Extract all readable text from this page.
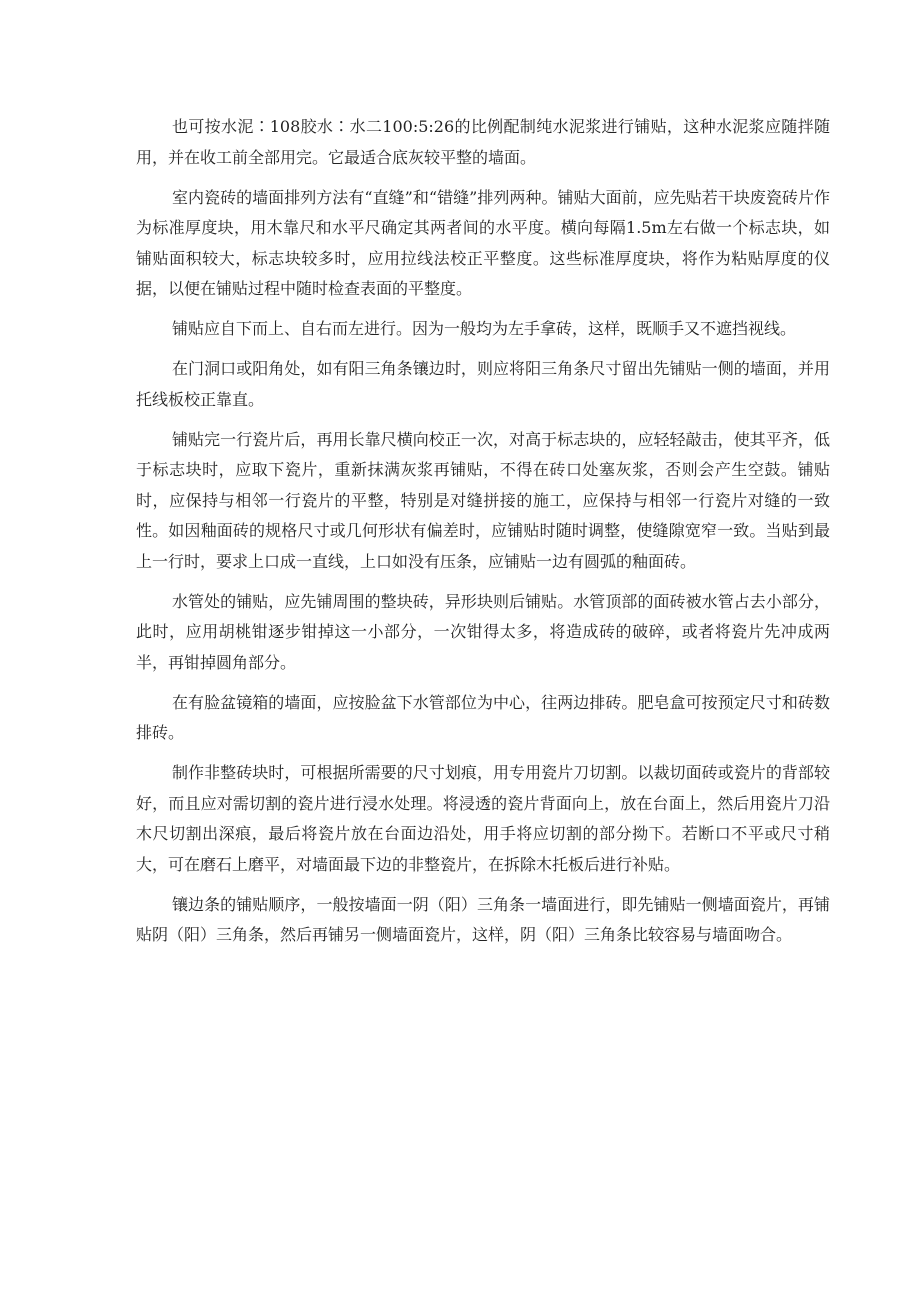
也可按水泥∶108胶水∶水二100:5:26的比例配制纯水泥浆进行铺贴，这种水泥浆应随拌随用，并在收工前全部用完。它最适合底灰较平整的墙面。

室内瓷砖的墙面排列方法有“直缝”和“错缝”排列两种。铺贴大面前，应先贴若干块废瓷砖片作为标准厚度块，用木靠尺和水平尺确定其两者间的水平度。横向每隔1.5m左右做一个标志块，如铺贴面积较大，标志块较多时，应用拉线法校正平整度。这些标准厚度块，将作为粘贴厚度的仪据，以便在铺贴过程中随时检查表面的平整度。

铺贴应自下而上、自右而左进行。因为一般均为左手拿砖，这样，既顺手又不遮挡视线。

在门洞口或阳角处，如有阳三角条镶边时，则应将阳三角条尺寸留出先铺贴一侧的墙面，并用托线板校正靠直。

铺贴完一行瓷片后，再用长靠尺横向校正一次，对高于标志块的，应轻轻敲击，使其平齐，低于标志块时，应取下瓷片，重新抹满灰浆再铺贴，不得在砖口处塞灰浆，否则会产生空鼓。铺贴时，应保持与相邻一行瓷片的平整，特别是对缝拼接的施工，应保持与相邻一行瓷片对缝的一致性。如因釉面砖的规格尺寸或几何形状有偏差时，应铺贴时随时调整，使缝隙宽窄一致。当贴到最上一行时，要求上口成一直线，上口如没有压条，应铺贴一边有圆弧的釉面砖。

水管处的铺贴，应先铺周围的整块砖，异形块则后铺贴。水管顶部的面砖被水管占去小部分，此时，应用胡桃钳逐步钳掉这一小部分，一次钳得太多，将造成砖的破碎，或者将瓷片先冲成两半，再钳掉圆角部分。

在有脸盆镜箱的墙面，应按脸盆下水管部位为中心，往两边排砖。肥皂盒可按预定尺寸和砖数排砖。

制作非整砖块时，可根据所需要的尺寸划痕，用专用瓷片刀切割。以裁切面砖或瓷片的背部较好，而且应对需切割的瓷片进行浸水处理。将浸透的瓷片背面向上，放在台面上，然后用瓷片刀沿木尺切割出深痕，最后将瓷片放在台面边沿处，用手将应切割的部分拗下。若断口不平或尺寸稍大，可在磨石上磨平，对墙面最下边的非整瓷片，在拆除木托板后进行补贴。

镶边条的铺贴顺序，一般按墙面一阴（阳）三角条一墙面进行，即先铺贴一侧墙面瓷片，再铺贴阴（阳）三角条，然后再铺另一侧墙面瓷片，这样，阴（阳）三角条比较容易与墙面吻合。
